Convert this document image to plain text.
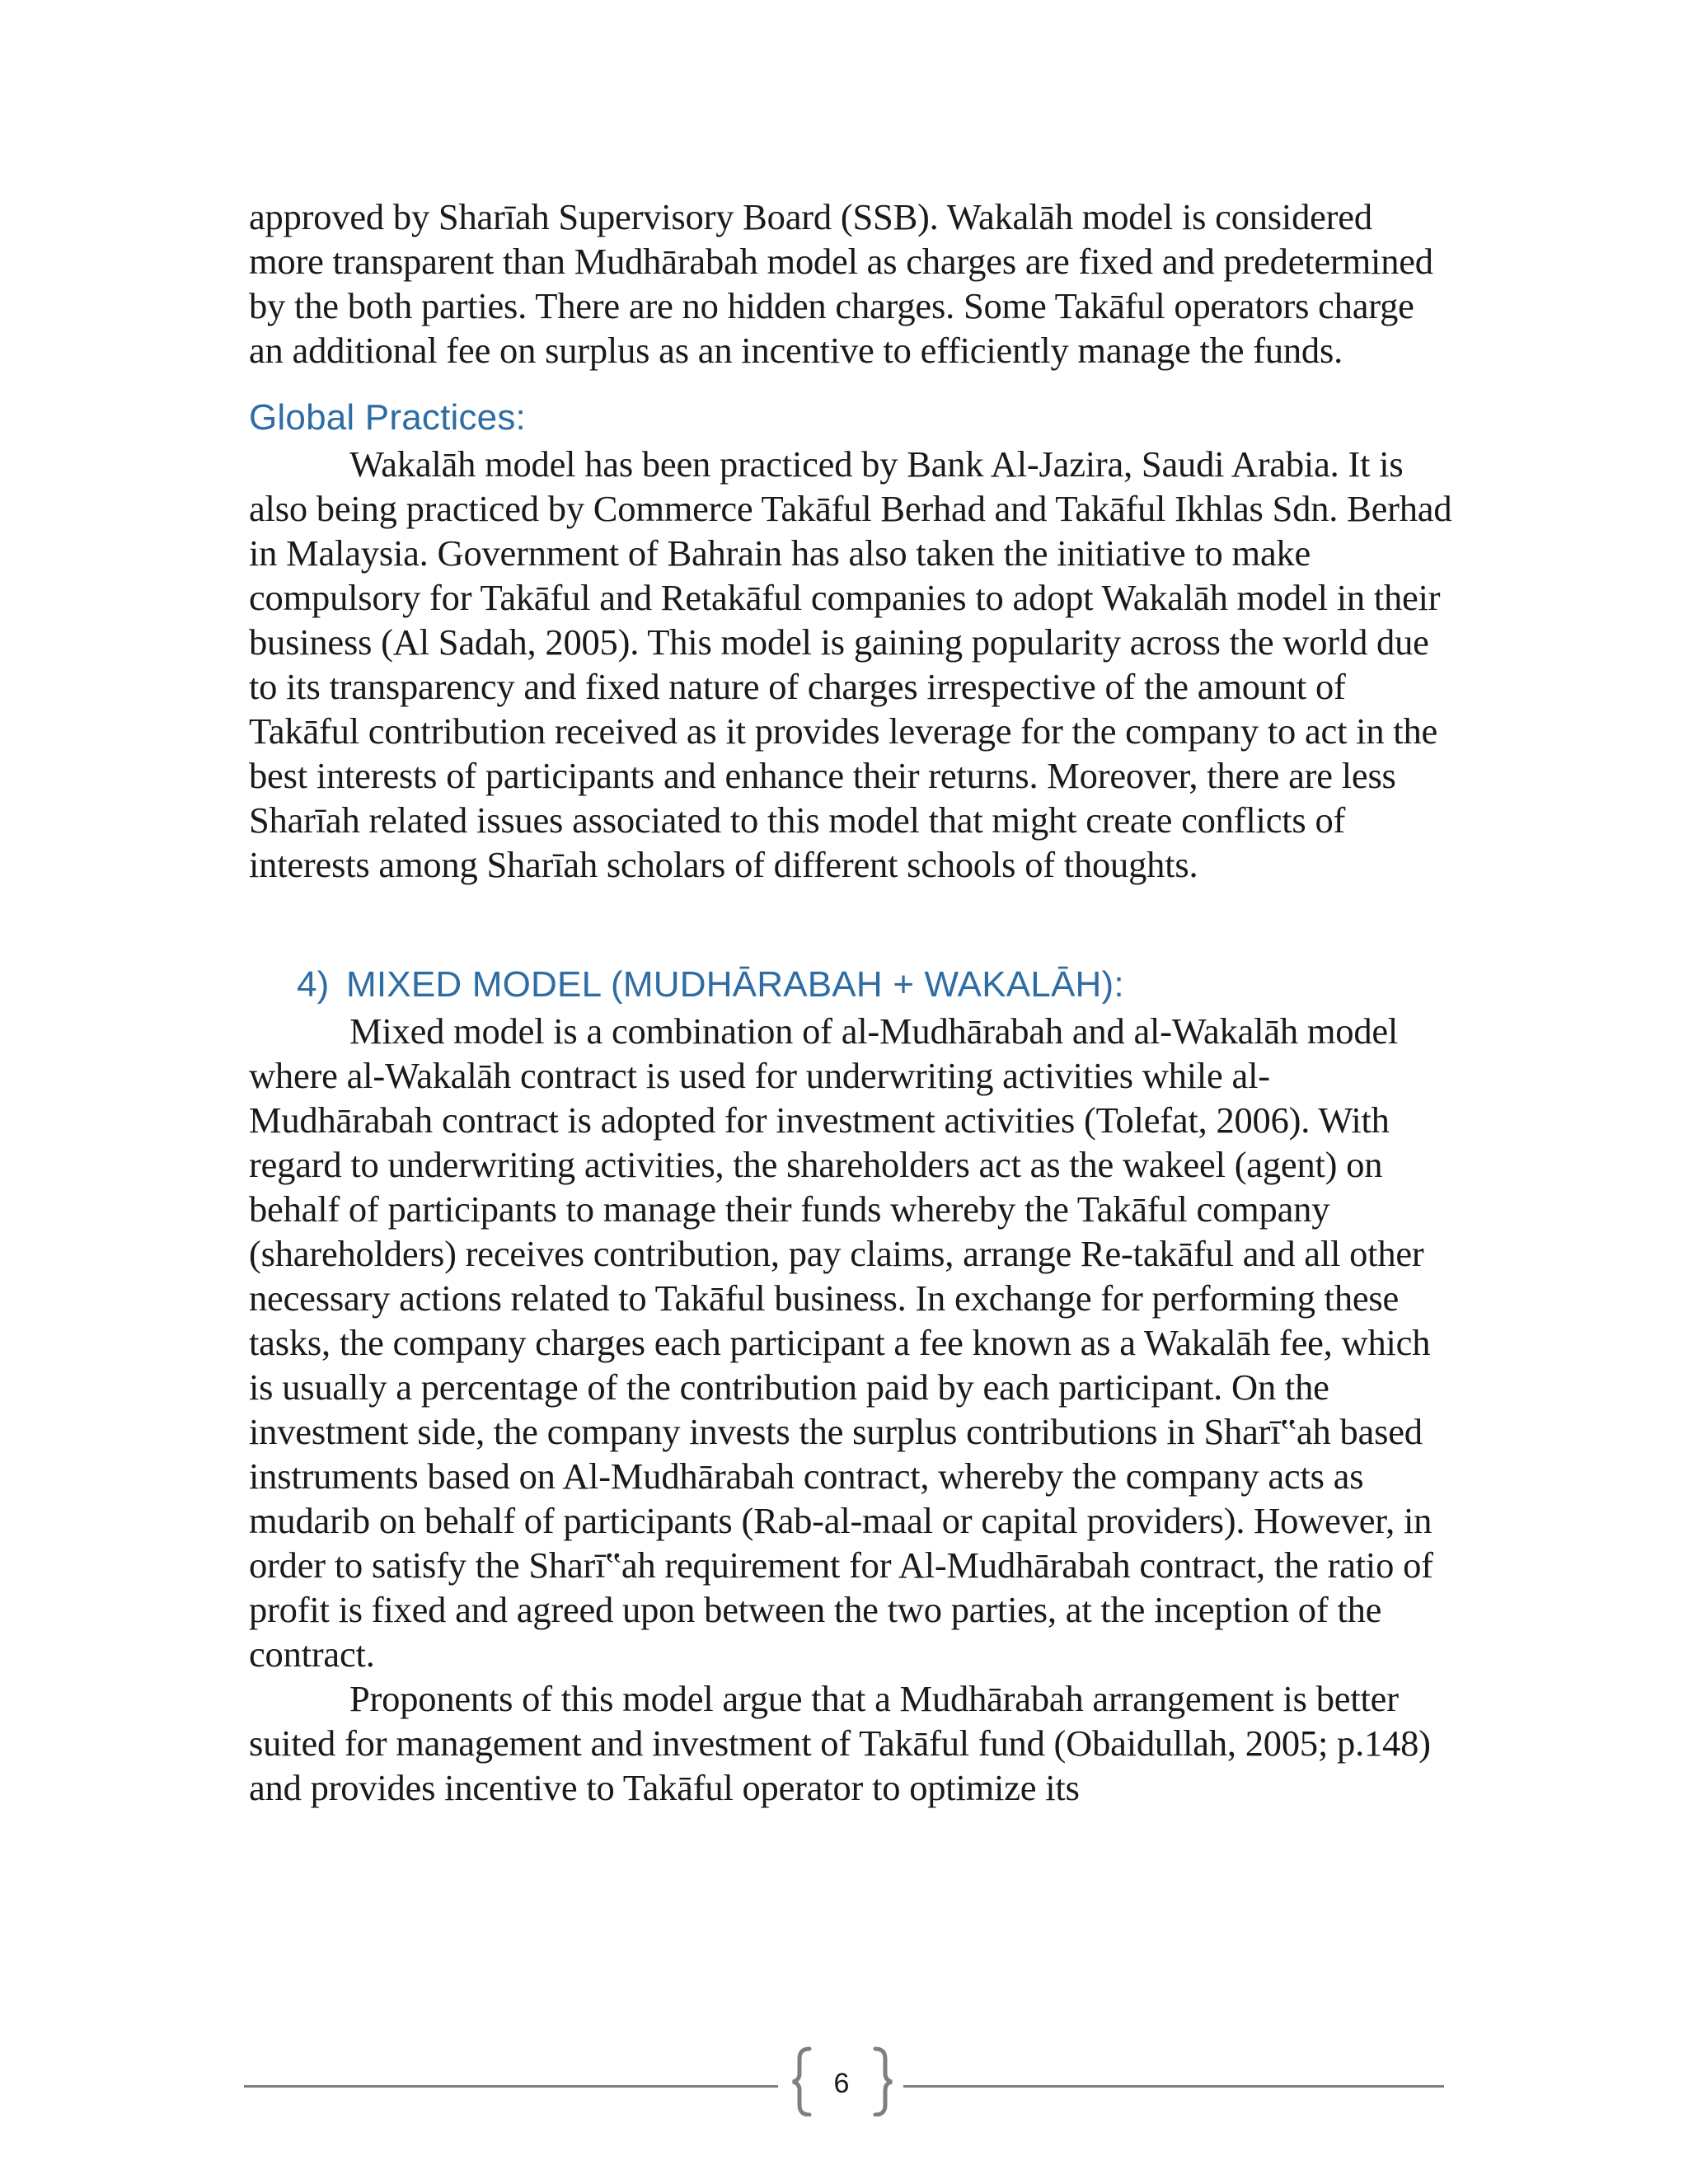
approved by Sharīah Supervisory Board (SSB). Wakalāh model is considered more transparent than Mudhārabah model as charges are fixed and predetermined by the both parties. There are no hidden charges. Some Takāful operators charge an additional fee on surplus as an incentive to efficiently manage the funds.

Global Practices:

Wakalāh model has been practiced by Bank Al-Jazira, Saudi Arabia. It is also being practiced by Commerce Takāful Berhad and Takāful Ikhlas Sdn. Berhad in Malaysia. Government of Bahrain has also taken the initiative to make compulsory for Takāful and Retakāful companies to adopt Wakalāh model in their business (Al Sadah, 2005). This model is gaining popularity across the world due to its transparency and fixed nature of charges irrespective of the amount of Takāful contribution received as it provides leverage for the company to act in the best interests of participants and enhance their returns. Moreover, there are less Sharīah related issues associated to this model that might create conflicts of interests among Sharīah scholars of different schools of thoughts.

4) MIXED MODEL (MUDHĀRABAH + WAKALĀH):

Mixed model is a combination of al-Mudhārabah and al-Wakalāh model where al-Wakalāh contract is used for underwriting activities while al-Mudhārabah contract is adopted for investment activities (Tolefat, 2006). With regard to underwriting activities, the shareholders act as the wakeel (agent) on behalf of participants to manage their funds whereby the Takāful company (shareholders) receives contribution, pay claims, arrange Re-takāful and all other necessary actions related to Takāful business. In exchange for performing these tasks, the company charges each participant a fee known as a Wakalāh fee, which is usually a percentage of the contribution paid by each participant. On the investment side, the company invests the surplus contributions in Sharī‟ah based instruments based on Al-Mudhārabah contract, whereby the company acts as mudarib on behalf of participants (Rab-al-maal or capital providers). However, in order to satisfy the Sharī‟ah requirement for Al-Mudhārabah contract, the ratio of profit is fixed and agreed upon between the two parties, at the inception of the contract.

Proponents of this model argue that a Mudhārabah arrangement is better suited for management and investment of Takāful fund (Obaidullah, 2005; p.148) and provides incentive to Takāful operator to optimize its

6
